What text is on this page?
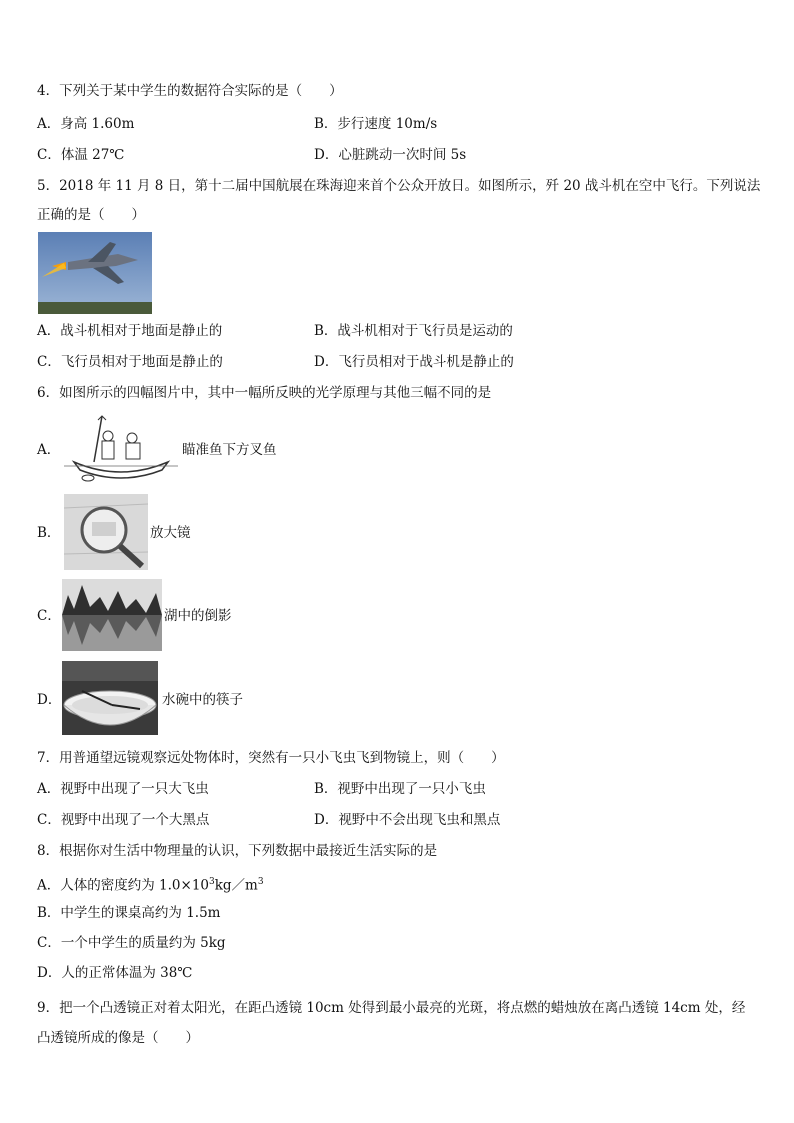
4．下列关于某中学生的数据符合实际的是（　　）
A．身高 1.60m	B．步行速度 10m/s
C．体温 27℃	D．心脏跳动一次时间 5s
5．2018 年 11 月 8 日，第十二届中国航展在珠海迎来首个公众开放日。如图所示，歼 20 战斗机在空中飞行。下列说法
正确的是（　　）
A．战斗机相对于地面是静止的	B．战斗机相对于飞行员是运动的
C．飞行员相对于地面是静止的	D．飞行员相对于战斗机是静止的
6．如图所示的四幅图片中，其中一幅所反映的光学原理与其他三幅不同的是
A．	瞄准鱼下方叉鱼
B．	放大镜
C．	湖中的倒影
D．	水碗中的筷子
7．用普通望远镜观察远处物体时，突然有一只小飞虫飞到物镜上，则（　　）
A．视野中出现了一只大飞虫	B．视野中出现了一只小飞虫
C．视野中出现了一个大黑点	D．视野中不会出现飞虫和黑点
8．根据你对生活中物理量的认识，下列数据中最接近生活实际的是
A．人体的密度约为 $1.0\times 10^3kg/m^3$
B．中学生的课桌高约为 1.5m
C．一个中学生的质量约为 5kg
D．人的正常体温为 38℃
9．把一个凸透镜正对着太阳光，在距凸透镜 10cm 处得到最小最亮的光斑，将点燃的蜡烛放在离凸透镜 14cm 处，经
凸透镜所成的像是（　　）
